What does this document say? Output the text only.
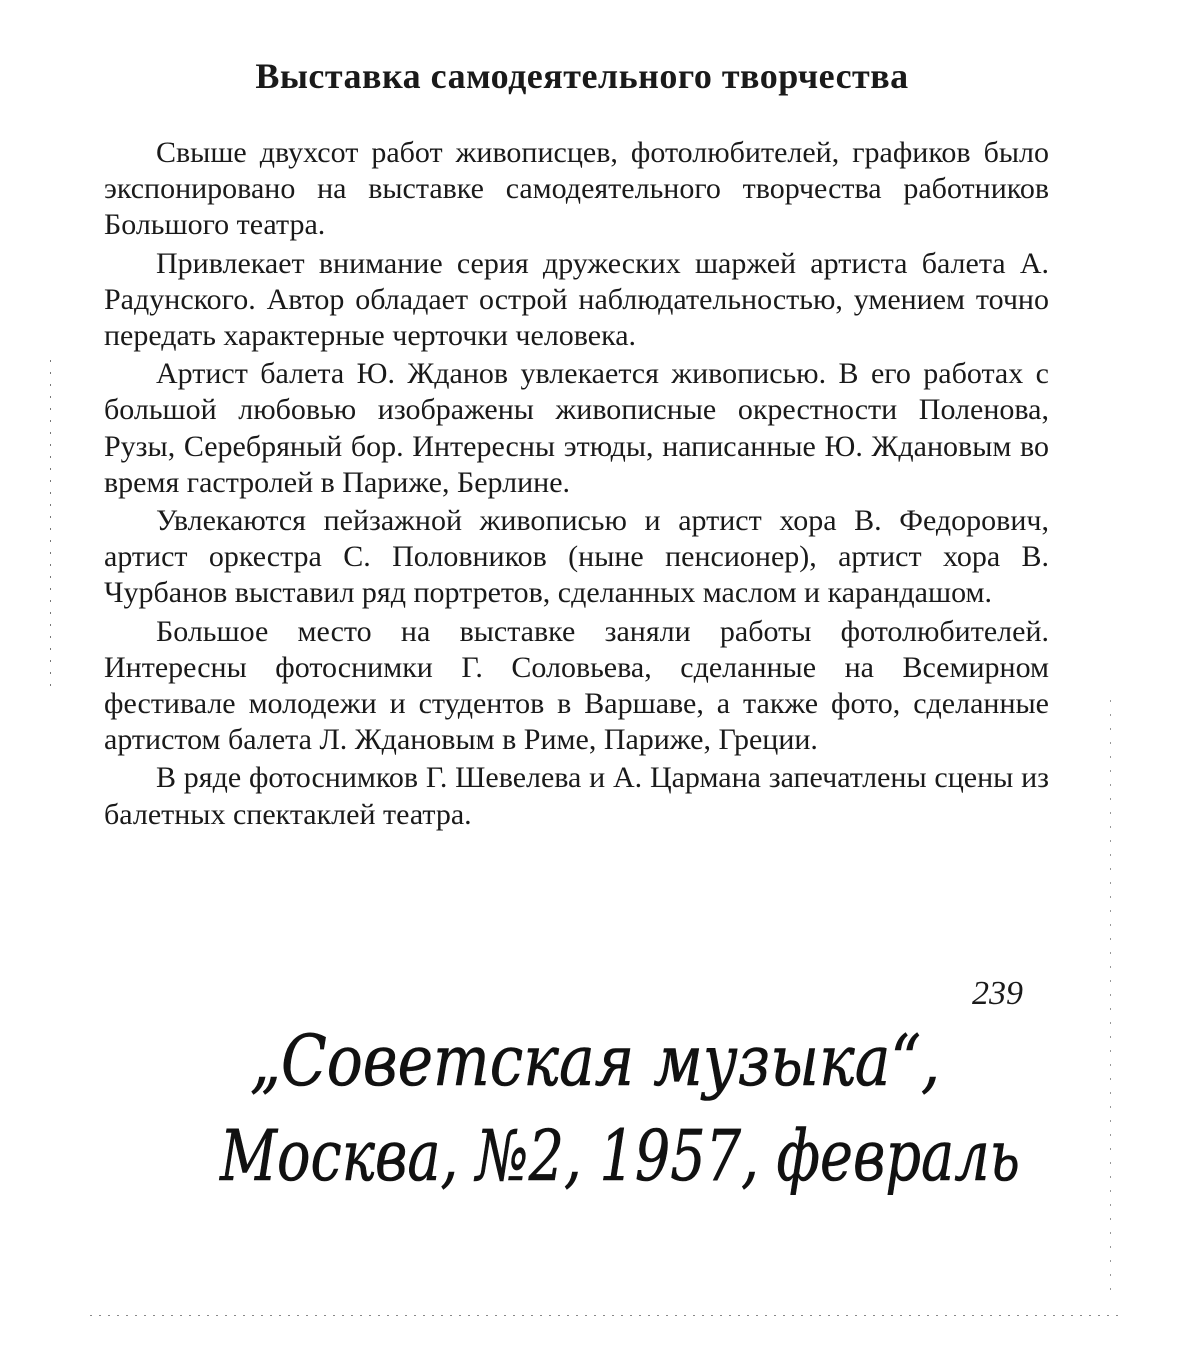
Выставка самодеятельного творчества

Свыше двухсот работ живописцев, фотолюбителей, графиков было экспонировано на выставке самодеятельного творчества работников Большого театра.

Привлекает внимание серия дружеских шаржей артиста балета А. Радунского. Автор обладает острой наблюдательностью, умением точно передать характерные черточки человека.

Артист балета Ю. Жданов увлекается живописью. В его работах с большой любовью изображены живописные окрестности Поленова, Рузы, Серебряный бор. Интересны этюды, написанные Ю. Ждановым во время гастролей в Париже, Берлине.

Увлекаются пейзажной живописью и артист хора В. Федорович, артист оркестра С. Половников (ныне пенсионер), артист хора В. Чурбанов выставил ряд портретов, сделанных маслом и карандашом.

Большое место на выставке заняли работы фотолюбителей. Интересны фотоснимки Г. Соловьева, сделанные на Всемирном фестивале молодежи и студентов в Варшаве, а также фото, сделанные артистом балета Л. Ждановым в Риме, Париже, Греции.

В ряде фотоснимков Г. Шевелева и А. Цармана запечатлены сцены из балетных спектаклей театра.

239
„Советская музыка“,
Москва, №2, 1957, февраль
